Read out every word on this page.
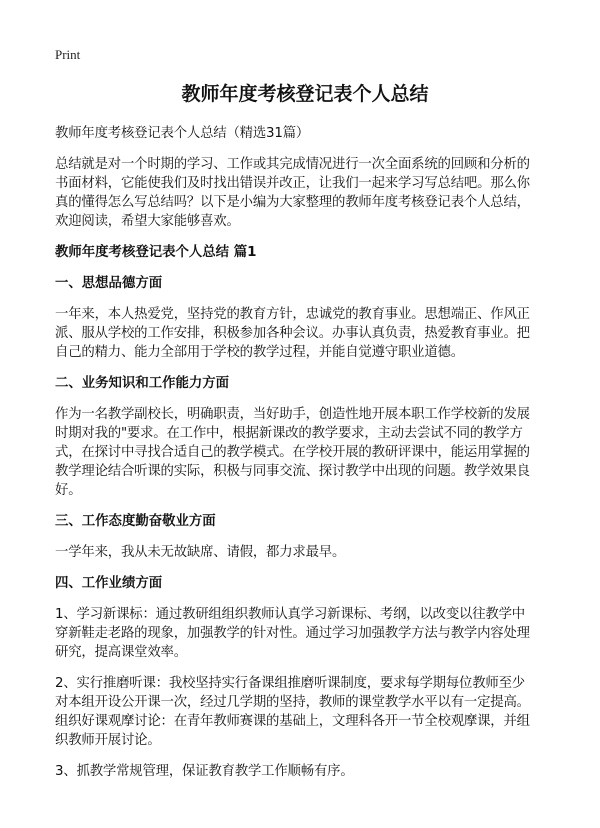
Print
教师年度考核登记表个人总结
教师年度考核登记表个人总结（精选31篇）
总结就是对一个时期的学习、工作或其完成情况进行一次全面系统的回顾和分析的
书面材料，它能使我们及时找出错误并改正，让我们一起来学习写总结吧。那么你
真的懂得怎么写总结吗？以下是小编为大家整理的教师年度考核登记表个人总结，
欢迎阅读，希望大家能够喜欢。
教师年度考核登记表个人总结 篇1
一、思想品德方面
一年来，本人热爱党，坚持党的教育方针，忠诚党的教育事业。思想端正、作风正
派、服从学校的工作安排，积极参加各种会议。办事认真负责，热爱教育事业。把
自己的精力、能力全部用于学校的教学过程，并能自觉遵守职业道德。
二、业务知识和工作能力方面
作为一名教学副校长，明确职责，当好助手，创造性地开展本职工作学校新的发展
时期对我的"要求。在工作中，根据新课改的教学要求，主动去尝试不同的教学方
式，在探讨中寻找合适自己的教学模式。在学校开展的教研评课中，能运用掌握的
教学理论结合听课的实际，积极与同事交流、探讨教学中出现的问题。教学效果良
好。
三、工作态度勤奋敬业方面
一学年来，我从未无故缺席、请假，都力求最早。
四、工作业绩方面
1、学习新课标：通过教研组组织教师认真学习新课标、考纲，以改变以往教学中
穿新鞋走老路的现象，加强教学的针对性。通过学习加强教学方法与教学内容处理
研究，提高课堂效率。
2、实行推磨听课：我校坚持实行备课组推磨听课制度，要求每学期每位教师至少
对本组开设公开课一次，经过几学期的坚持，教师的课堂教学水平以有一定提高。
组织好课观摩讨论：在青年教师赛课的基础上，文理科各开一节全校观摩课，并组
织教师开展讨论。
3、抓教学常规管理，保证教育教学工作顺畅有序。
